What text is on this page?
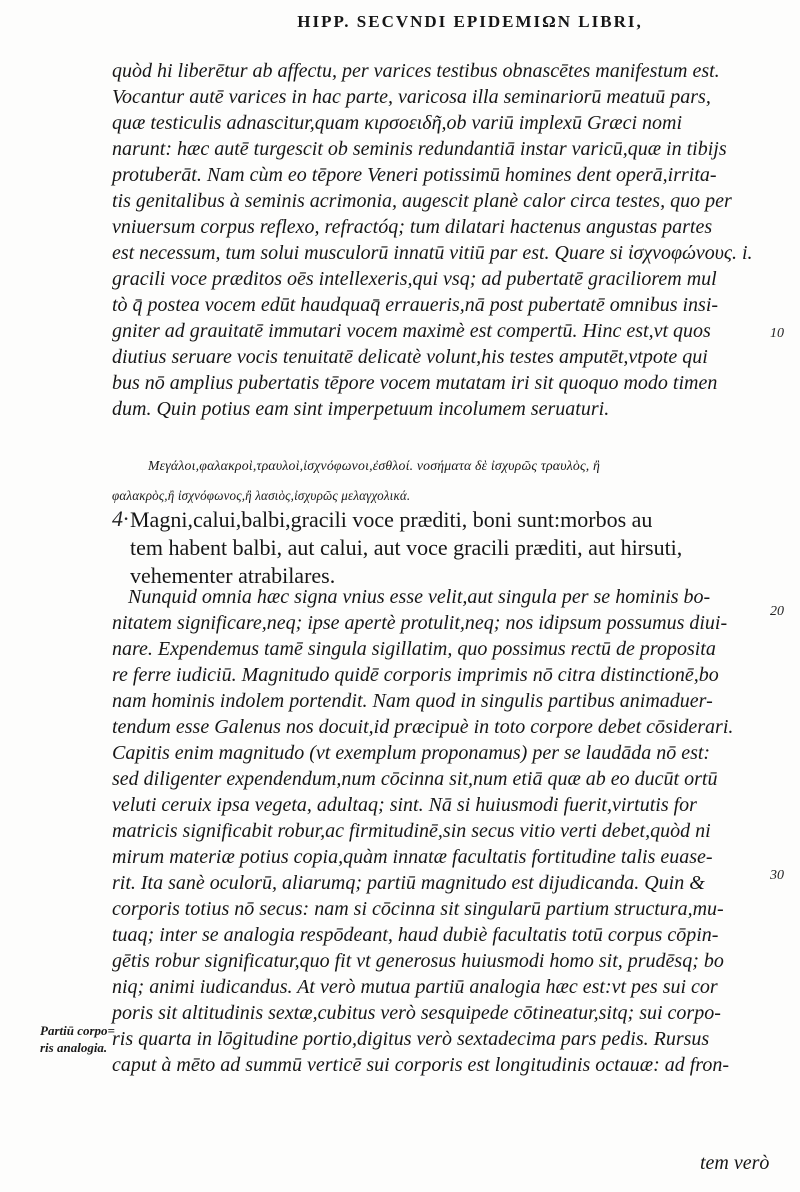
HIPP. SECVNDI EPIDEMIΩN LIBRI,
quòd hi liberētur ab affectu, per varices testibus obnascētes manifestum est.
Vocantur autē varices in hac parte, varicosa illa seminariorū meatuū pars,
quæ testiculis adnascitur,quam κιρσοειδῆ,ob variū implexū Græci nomi
narunt: hæc autē turgescit ob seminis redundantiā instar varicū,quæ in tibijs
protuberāt. Nam cùm eo tēpore Veneri potissimū homines dent operā,irrita-
tis genitalibus à seminis acrimonia, augescit planè calor circa testes, quo per
vniuersum corpus reflexo, refractóq; tum dilatari hactenus angustas partes
est necessum, tum solui musculorū innatū vitiū par est. Quare si ἰσχνοφώνους. i.
gracili voce præditos oēs intellexeris,qui vsq; ad pubertatē graciliorem mul
tò q̄ postea vocem edūt haudquaq̄ erraueris,nā post pubertatē omnibus insi-
gniter ad grauitatē immutari vocem maximè est compertū. Hinc est,vt quos
diutius seruare vocis tenuitatē delicatè volunt,his testes amputēt,vtpote qui
bus nō amplius pubertatis tēpore vocem mutatam iri sit quoquo modo timen
dum. Quin potius eam sint imperpetuum incolumem seruaturi.
Μεγάλοι,φαλακροὶ,τραυλοὶ,ἰσχνόφωνοι,ἐσθλοί. νοσήματα δὲ ἰσχυρῶς τραυλὸς, ἢ
φαλακρὸς,ἢ ἰσχνόφωνος,ἢ λασιὸς,ἰσχυρῶς μελαγχολικά.
4· Magni,calui,balbi,gracili voce præditi, boni sunt:morbos au
tem habent balbi, aut calui, aut voce gracili præditi, aut hirsuti,
vehementer atrabilares.
Nunquid omnia hæc signa vnius esse velit,aut singula per se hominis bo-
nitatem significare,neq; ipse apertè protulit,neq; nos idipsum possumus diui-
nare. Expendemus tamē singula sigillatim, quo possimus rectū de proposita
re ferre iudiciū. Magnitudo quidē corporis imprimis nō citra distinctionē,bo
nam hominis indolem portendit. Nam quod in singulis partibus animaduer-
tendum esse Galenus nos docuit,id præcipuè in toto corpore debet cōsiderari.
Capitis enim magnitudo (vt exemplum proponamus) per se laudāda nō est:
sed diligenter expendendum,num cōcinna sit,num etiā quæ ab eo ducūt ortū
veluti ceruix ipsa vegeta, adultaq; sint. Nā si huiusmodi fuerit,virtutis for
matricis significabit robur,ac firmitudinē,sin secus vitio verti debet,quòd ni
mirum materiæ potius copia,quàm innatæ facultatis fortitudine talis euase-
rit. Ita sanè oculorū, aliarumq; partiū magnitudo est dijudicanda. Quin &
corporis totius nō secus: nam si cōcinna sit singularū partium structura,mu-
tuaq; inter se analogia respōdeant, haud dubiè facultatis totū corpus cōpin-
gētis robur significatur,quo fit vt generosus huiusmodi homo sit, prudēsq; bo
niq; animi iudicandus. At verò mutua partiū analogia hæc est:vt pes sui cor
poris sit altitudinis sextæ,cubitus verò sesquipede cōtineatur,sitq; sui corpo-
ris quarta in lōgitudine portio,digitus verò sextadecima pars pedis. Rursus
caput à mēto ad summū verticē sui corporis est longitudinis octauæ: ad fron-
10
20
30
Partiū corpo=
ris analogia.
tem verò
